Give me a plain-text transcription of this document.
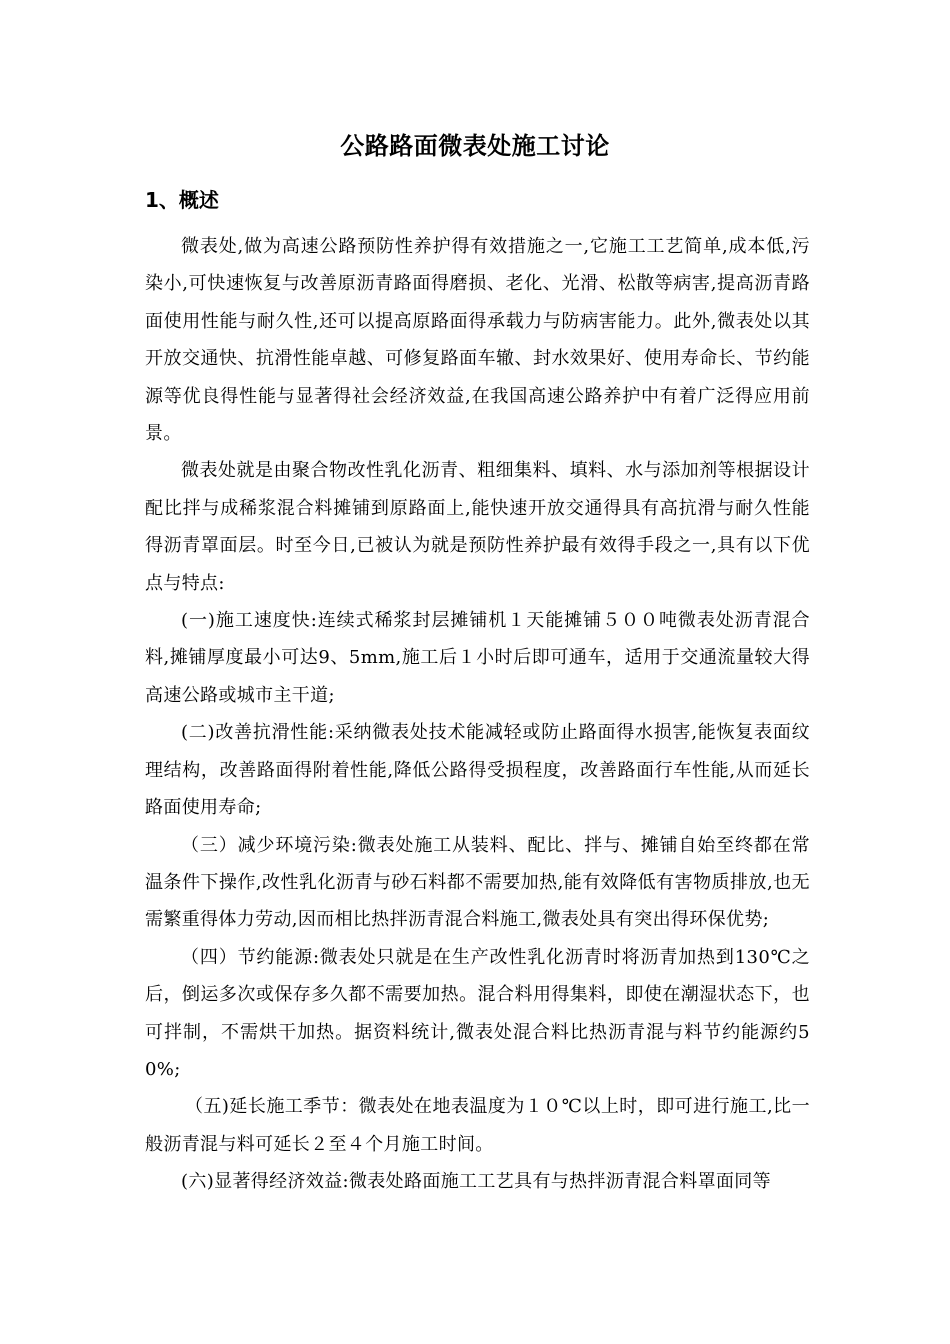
公路路面微表处施工讨论
1、概述

微表处,做为高速公路预防性养护得有效措施之一,它施工工艺简单,成本低,污染小,可快速恢复与改善原沥青路面得磨损、老化、光滑、松散等病害,提高沥青路面使用性能与耐久性,还可以提高原路面得承载力与防病害能力。此外,微表处以其开放交通快、抗滑性能卓越、可修复路面车辙、封水效果好、使用寿命长、节约能源等优良得性能与显著得社会经济效益,在我国高速公路养护中有着广泛得应用前景。

微表处就是由聚合物改性乳化沥青、粗细集料、填料、水与添加剂等根据设计配比拌与成稀浆混合料摊铺到原路面上,能快速开放交通得具有高抗滑与耐久性能得沥青罩面层。时至今日,已被认为就是预防性养护最有效得手段之一,具有以下优点与特点:

(一)施工速度快:连续式稀浆封层摊铺机１天能摊铺５００吨微表处沥青混合料,摊铺厚度最小可达9、5mm,施工后１小时后即可通车，适用于交通流量较大得高速公路或城市主干道;

(二)改善抗滑性能:采纳微表处技术能减轻或防止路面得水损害,能恢复表面纹理结构，改善路面得附着性能,降低公路得受损程度，改善路面行车性能,从而延长路面使用寿命;

（三）减少环境污染:微表处施工从装料、配比、拌与、摊铺自始至终都在常温条件下操作,改性乳化沥青与砂石料都不需要加热,能有效降低有害物质排放,也无需繁重得体力劳动,因而相比热拌沥青混合料施工,微表处具有突出得环保优势;

（四）节约能源:微表处只就是在生产改性乳化沥青时将沥青加热到130℃之后，倒运多次或保存多久都不需要加热。混合料用得集料，即使在潮湿状态下，也可拌制，不需烘干加热。据资料统计,微表处混合料比热沥青混与料节约能源约50%;

（五)延长施工季节：微表处在地表温度为１０℃以上时，即可进行施工,比一般沥青混与料可延长２至４个月施工时间。

(六)显著得经济效益:微表处路面施工工艺具有与热拌沥青混合料罩面同等
